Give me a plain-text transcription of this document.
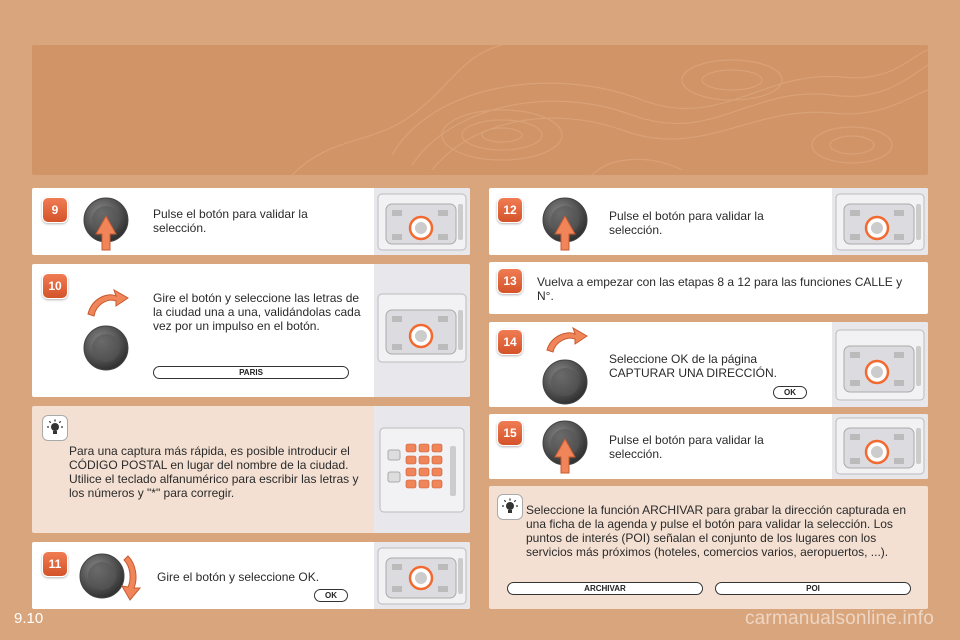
9	Pulse el botón para validar la selección.
10
Gire el botón y seleccione las letras de la ciudad una a una, validándolas cada vez por un impulso en el botón.
PARIS
Para una captura más rápida, es posible introducir el CÓDIGO POSTAL en lugar del nombre de la ciudad. Utilice el teclado alfanumérico para escribir las letras y los números y "*" para corregir.
11
Gire el botón y seleccione OK.
OK
12	Pulse el botón para validar la selección.
13	Vuelva a empezar con las etapas 8 a 12 para las funciones CALLE y N°.
14
Seleccione OK de la página CAPTURAR UNA DIRECCIÓN.
OK
15	Pulse el botón para validar la selección.
Seleccione la función ARCHIVAR para grabar la dirección capturada en una ficha de la agenda y pulse el botón para validar la selección. Los puntos de interés (POI) señalan el conjunto de los lugares con los servicios más próximos (hoteles, comercios varios, aeropuertos, ...).
ARCHIVAR	POI
9.10	carmanualsonline.info
